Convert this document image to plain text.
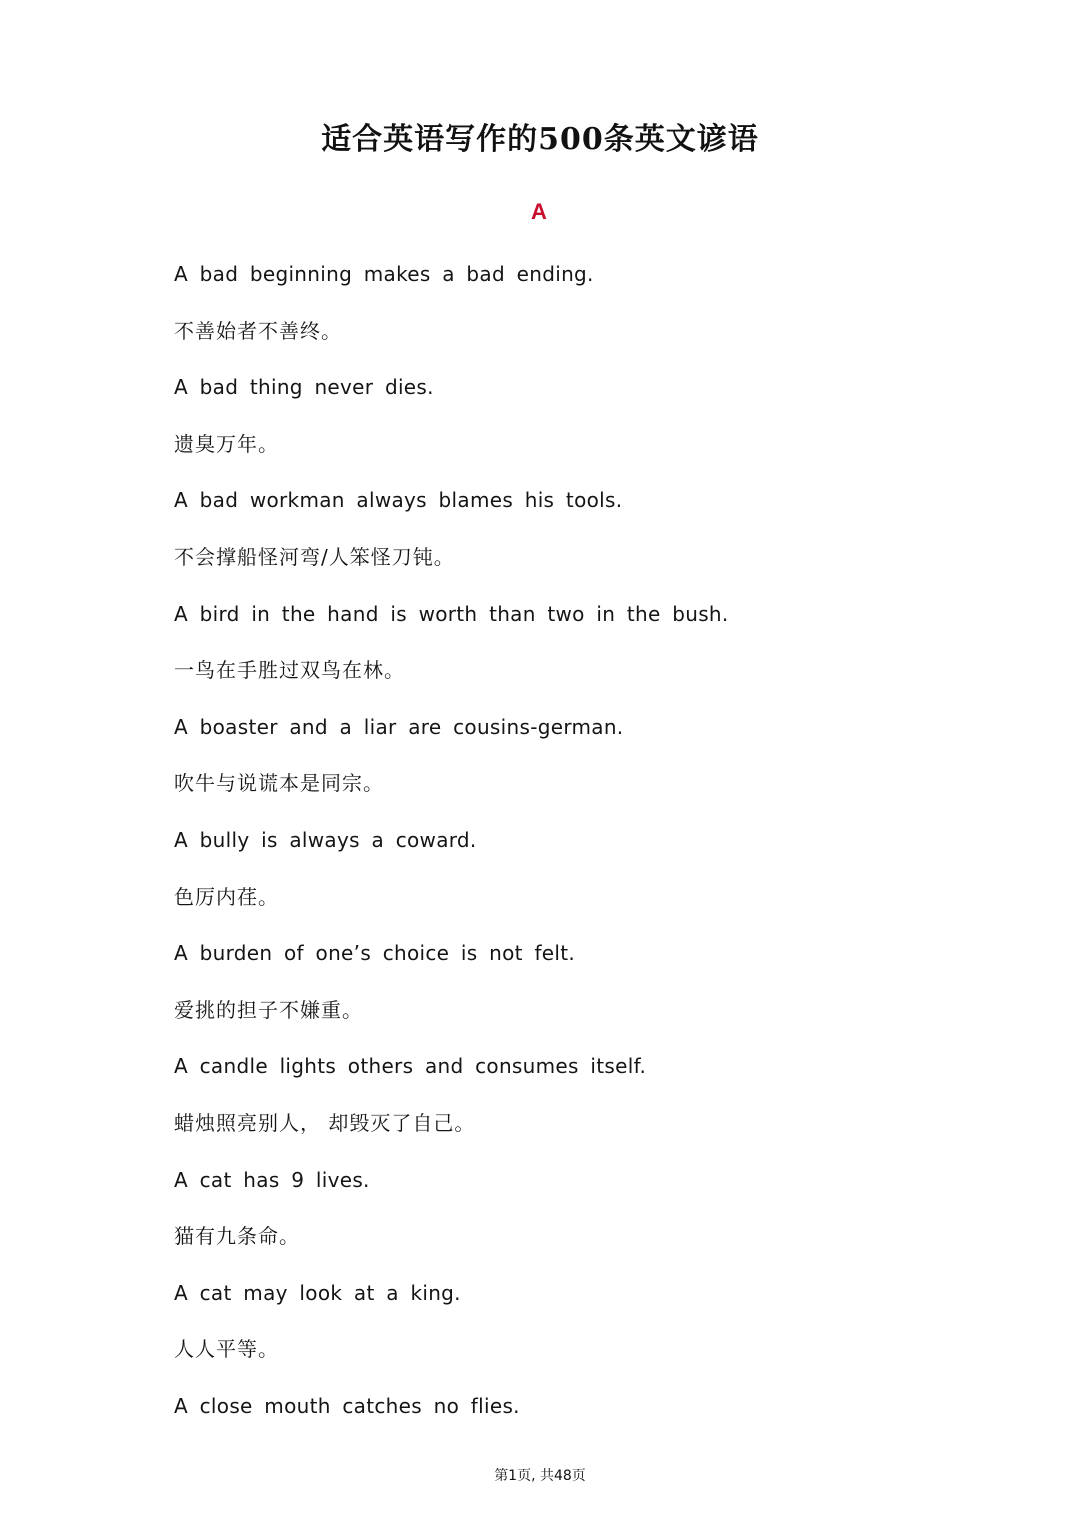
适合英语写作的500条英文谚语
A
A bad beginning makes a bad ending.
不善始者不善终。
A bad thing never dies.
遗臭万年。
A bad workman always blames his tools.
不会撑船怪河弯/人笨怪刀钝。
A bird in the hand is worth than two in the bush.
一鸟在手胜过双鸟在林。
A boaster and a liar are cousins-german.
吹牛与说谎本是同宗。
A bully is always a coward.
色厉内荏。
A burden of one’s choice is not felt.
爱挑的担子不嫌重。
A candle lights others and consumes itself.
蜡烛照亮别人， 却毁灭了自己。
A cat has 9 lives.
猫有九条命。
A cat may look at a king.
人人平等。
A close mouth catches no flies.
第1页, 共48页
